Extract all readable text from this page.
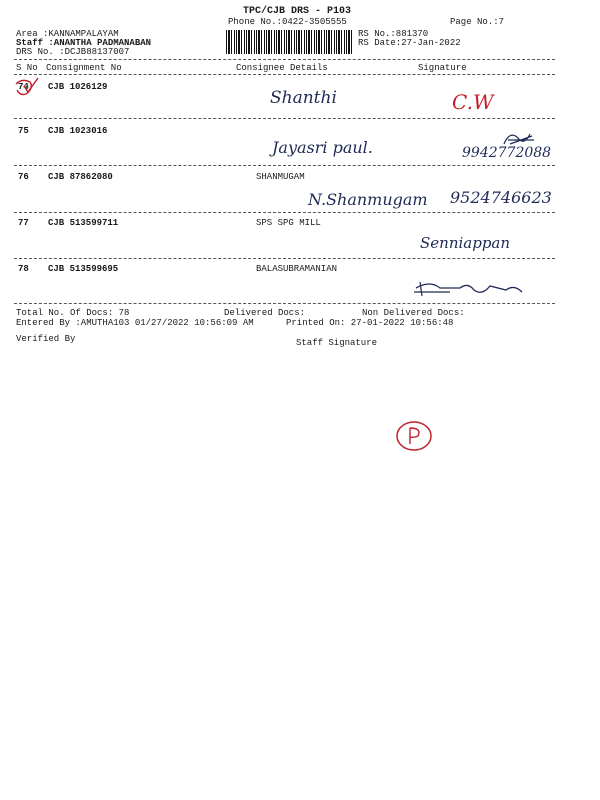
TPC/CJB DRS - P103
Phone No.:0422-3505555	Page No.:7
Area :KANNAMPALAYAM
Staff :ANANTHA PADMANABAN
DRS No. :DCJB88137007
RS No.:881370
RS Date:27-Jan-2022
S No Consignment No	Consignee Details	Signature
74 CJB 1026129
Shanthi	C.W
75 CJB 1023016
Jayasri paul.	9942772088
76 CJB 87862080	SHANMUGAM
N.Shanmugam 9524746623
77 CJB 513599711	SPS SPG MILL
Senniappan
78 CJB 513599695	BALASUBRAMANIAN
Total No. Of Docs: 78	Delivered Docs:	Non Delivered Docs:
Entered By :AMUTHA103 01/27/2022 10:56:09 AM	Printed On: 27-01-2022 10:56:48
Verified By	Staff Signature
